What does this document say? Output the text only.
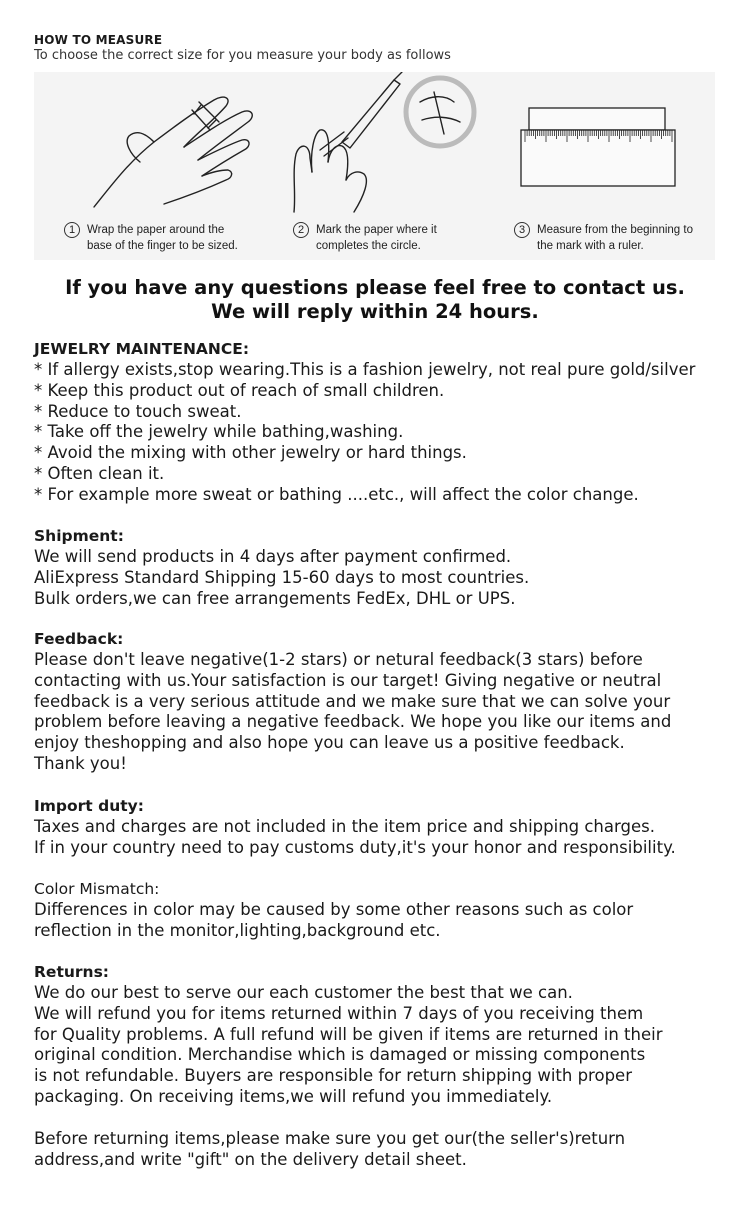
HOW TO MEASURE
To choose the correct size for you measure your body as follows
1	Wrap the paper around the
base of the finger to be sized.
2	Mark the paper where it
completes the circle.
3	Measure from the beginning to
the mark with a ruler.
If you have any questions please feel free to contact us.
We will reply within 24 hours.
JEWELRY MAINTENANCE:
* If allergy exists,stop wearing.This is a fashion jewelry, not real pure gold/silver
* Keep this product out of reach of small children.
* Reduce to touch sweat.
* Take off the jewelry while bathing,washing.
* Avoid the mixing with other jewelry or hard things.
* Often clean it.
* For example more sweat or bathing ....etc., will affect the color change.
Shipment:
We will send products in 4 days after payment confirmed.
AliExpress Standard Shipping 15-60 days to most countries.
Bulk orders,we can free arrangements FedEx, DHL or UPS.
Feedback:
Please don't leave negative(1-2 stars) or netural feedback(3 stars) before
contacting with us.Your satisfaction is our target! Giving negative or neutral
feedback is a very serious attitude and we make sure that we can solve your
problem before leaving a negative feedback. We hope you like our items and
enjoy theshopping and also hope you can leave us a positive feedback.
Thank you!
Import duty:
Taxes and charges are not included in the item price and shipping charges.
If in your country need to pay customs duty,it's your honor and responsibility.
Color Mismatch:
Differences in color may be caused by some other reasons such as color
reflection in the monitor,lighting,background etc.
Returns:
We do our best to serve our each customer the best that we can.
We will refund you for items returned within 7 days of you receiving them
for Quality problems. A full refund will be given if items are returned in their
original condition. Merchandise which is damaged or missing components
is not refundable. Buyers are responsible for return shipping with proper
packaging. On receiving items,we will refund you immediately.
Before returning items,please make sure you get our(the seller's)return
address,and write "gift" on the delivery detail sheet.
